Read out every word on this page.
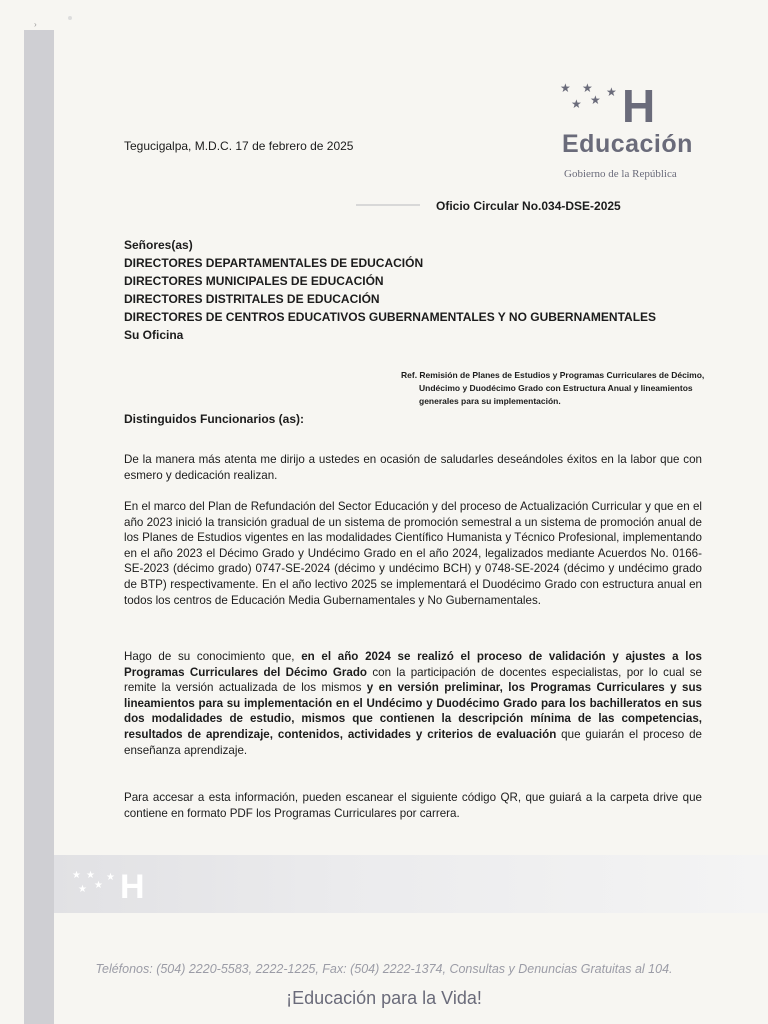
›
★ ★
★ ★
★ H
Educación
Gobierno de la República
Tegucigalpa, M.D.C. 17 de febrero de 2025
Oficio Circular No.034-DSE-2025
Señores(as)
DIRECTORES DEPARTAMENTALES DE EDUCACIÓN
DIRECTORES MUNICIPALES DE EDUCACIÓN
DIRECTORES DISTRITALES DE EDUCACIÓN
DIRECTORES DE CENTROS EDUCATIVOS GUBERNAMENTALES Y NO GUBERNAMENTALES
Su Oficina
Ref. Remisión de Planes de Estudios y Programas Curriculares de Décimo,
Undécimo y Duodécimo Grado con Estructura Anual y lineamientos
generales para su implementación.
Distinguidos Funcionarios (as):

De la manera más atenta me dirijo a ustedes en ocasión de saludarles deseándoles éxitos en la labor que con esmero y dedicación realizan.

En el marco del Plan de Refundación del Sector Educación y del proceso de Actualización Curricular y que en el año 2023 inició la transición gradual de un sistema de promoción semestral a un sistema de promoción anual de los Planes de Estudios vigentes en las modalidades Científico Humanista y Técnico Profesional, implementando en el año 2023 el Décimo Grado y Undécimo Grado en el año 2024, legalizados mediante Acuerdos No. 0166-SE-2023 (décimo grado) 0747-SE-2024 (décimo y undécimo BCH) y 0748-SE-2024 (décimo y undécimo grado de BTP) respectivamente. En el año lectivo 2025 se implementará el Duodécimo Grado con estructura anual en todos los centros de Educación Media Gubernamentales y No Gubernamentales.

Hago de su conocimiento que, en el año 2024 se realizó el proceso de validación y ajustes a los Programas Curriculares del Décimo Grado con la participación de docentes especialistas, por lo cual se remite la versión actualizada de los mismos y en versión preliminar, los Programas Curriculares y sus lineamientos para su implementación en el Undécimo y Duodécimo Grado para los bachilleratos en sus dos modalidades de estudio, mismos que contienen la descripción mínima de las competencias, resultados de aprendizaje, contenidos, actividades y criterios de evaluación que guiarán el proceso de enseñanza aprendizaje.

Para accesar a esta información, pueden escanear el siguiente código QR, que guiará a la carpeta drive que contiene en formato PDF los Programas Curriculares por carrera.

★ ★
★ ★
★ H
Teléfonos: (504) 2220-5583, 2222-1225, Fax: (504) 2222-1374, Consultas y Denuncias Gratuitas al 104.
¡Educación para la Vida!
